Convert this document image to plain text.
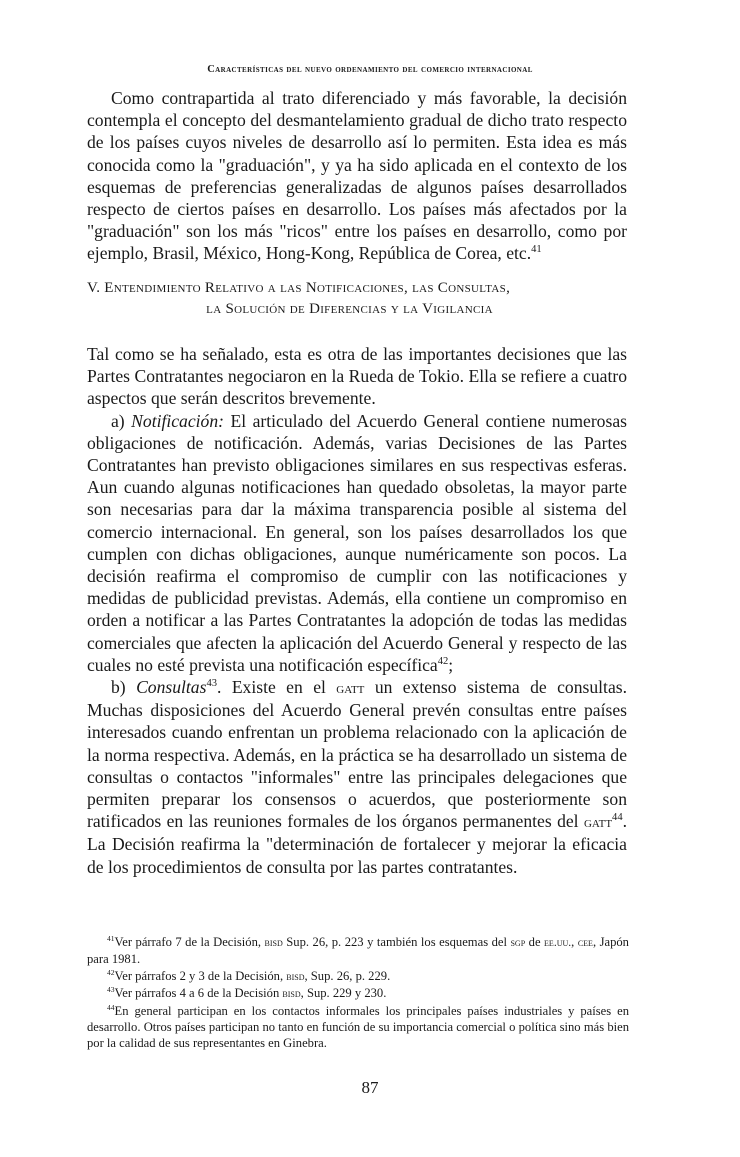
Características del nuevo ordenamiento del comercio internacional

Como contrapartida al trato diferenciado y más favorable, la decisión contempla el concepto del desmantelamiento gradual de dicho trato respecto de los países cuyos niveles de desarrollo así lo permiten. Esta idea es más conocida como la "graduación", y ya ha sido aplicada en el contexto de los esquemas de preferencias generalizadas de algunos países desarrollados respecto de ciertos países en desarrollo. Los países más afectados por la "graduación" son los más "ricos" entre los países en desarrollo, como por ejemplo, Brasil, México, Hong-Kong, República de Corea, etc.$^{41}$

V. Entendimiento Relativo a las Notificaciones, las Consultas,
la Solución de Diferencias y la Vigilancia

Tal como se ha señalado, esta es otra de las importantes decisiones que las Partes Contratantes negociaron en la Rueda de Tokio. Ella se refiere a cuatro aspectos que serán descritos brevemente.

a) Notificación: El articulado del Acuerdo General contiene numerosas obligaciones de notificación. Además, varias Decisiones de las Partes Contratantes han previsto obligaciones similares en sus respectivas esferas. Aun cuando algunas notificaciones han quedado obsoletas, la mayor parte son necesarias para dar la máxima transparencia posible al sistema del comercio internacional. En general, son los países desarrollados los que cumplen con dichas obligaciones, aunque numéricamente son pocos. La decisión reafirma el compromiso de cumplir con las notificaciones y medidas de publicidad previstas. Además, ella contiene un compromiso en orden a notificar a las Partes Contratantes la adopción de todas las medidas comerciales que afecten la aplicación del Acuerdo General y respecto de las cuales no esté prevista una notificación específica$^{42}$;

b) Consultas$^{43}$. Existe en el gatt un extenso sistema de consultas. Muchas disposiciones del Acuerdo General prevén consultas entre países interesados cuando enfrentan un problema relacionado con la aplicación de la norma respectiva. Además, en la práctica se ha desarrollado un sistema de consultas o contactos "informales" entre las principales delegaciones que permiten preparar los consensos o acuerdos, que posteriormente son ratificados en las reuniones formales de los órganos permanentes del gatt$^{44}$. La Decisión reafirma la "determinación de fortalecer y mejorar la eficacia de los procedimientos de consulta por las partes contratantes.

$^{41}$Ver párrafo 7 de la Decisión, bisd Sup. 26, p. 223 y también los esquemas del sgp de ee.uu., cee, Japón para 1981.

$^{42}$Ver párrafos 2 y 3 de la Decisión, bisd, Sup. 26, p. 229.

$^{43}$Ver párrafos 4 a 6 de la Decisión bisd, Sup. 229 y 230.

$^{44}$En general participan en los contactos informales los principales países industriales y países en desarrollo. Otros países participan no tanto en función de su importancia comercial o política sino más bien por la calidad de sus representantes en Ginebra.

87
